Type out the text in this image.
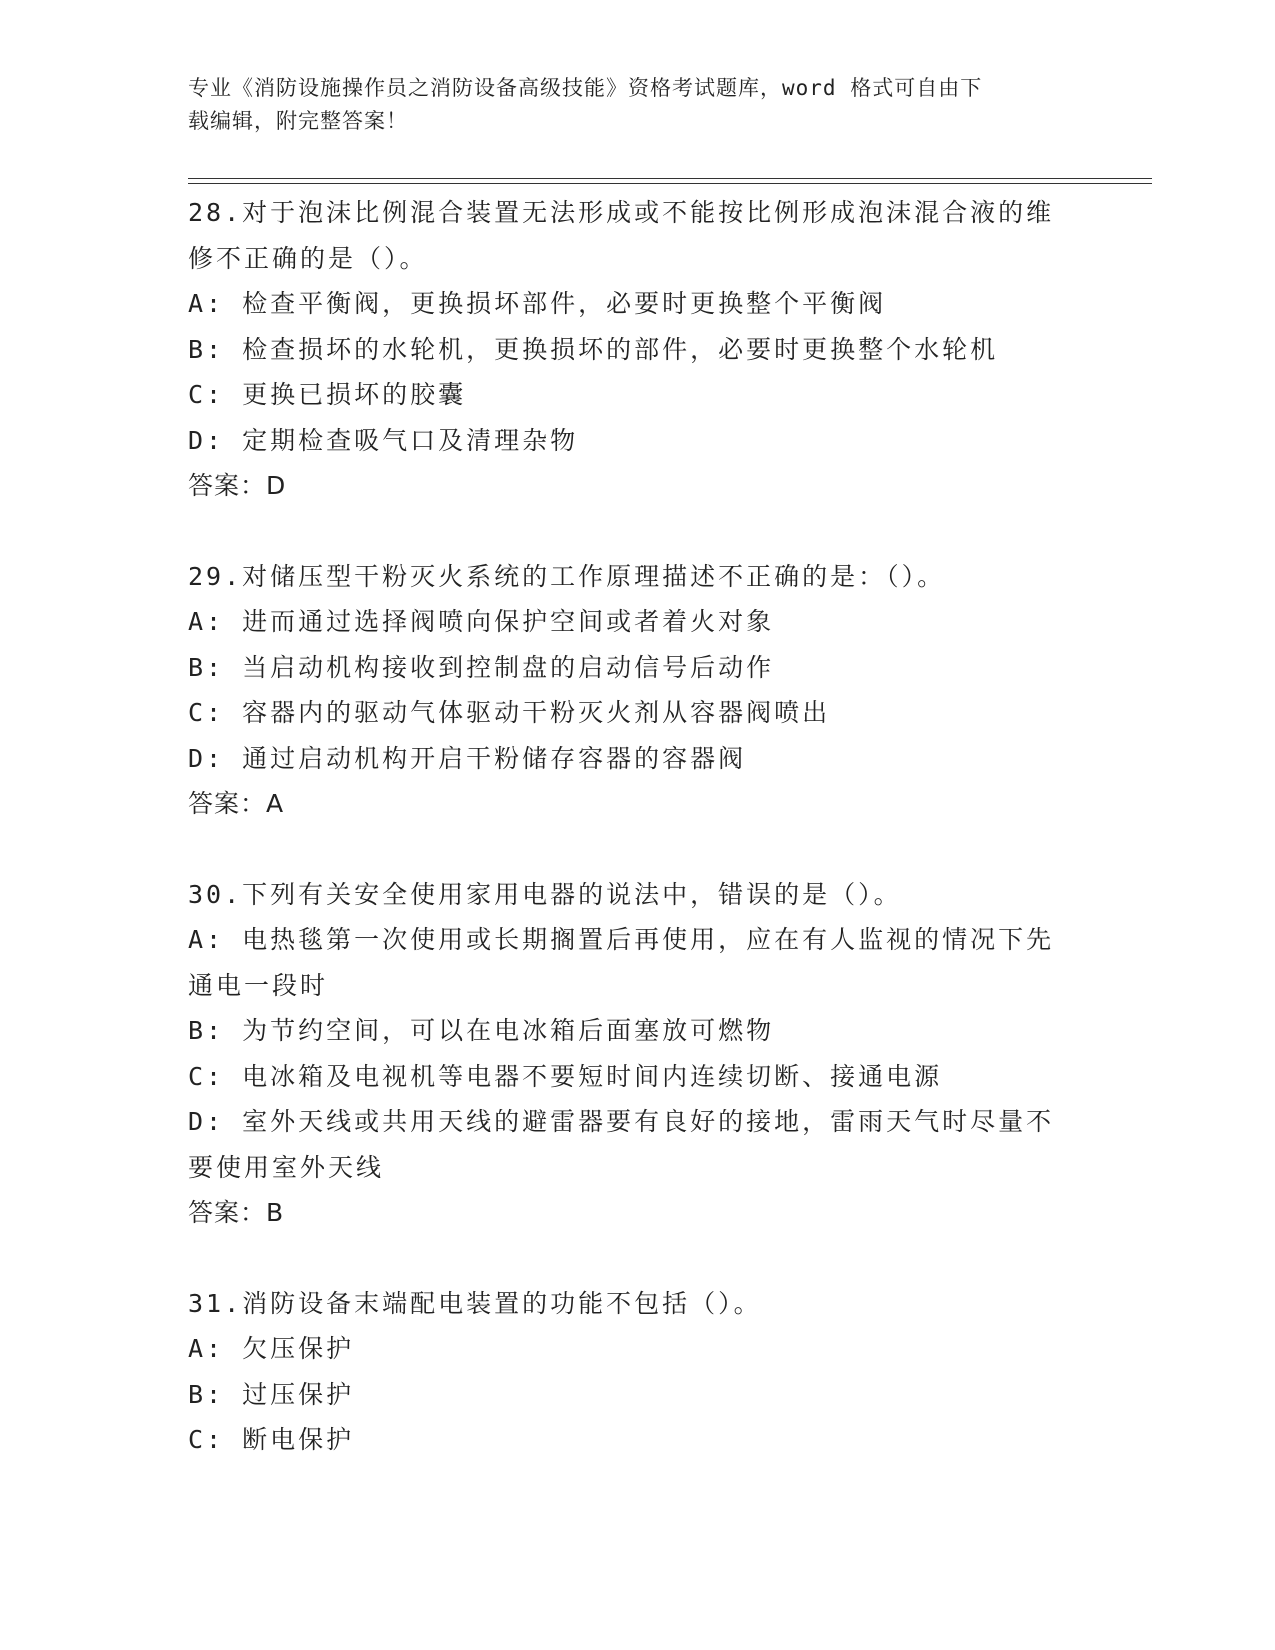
专业《消防设施操作员之消防设备高级技能》资格考试题库，word 格式可自由下
载编辑，附完整答案！
28.对于泡沫比例混合装置无法形成或不能按比例形成泡沫混合液的维
修不正确的是（）。
A: 检查平衡阀，更换损坏部件，必要时更换整个平衡阀
B: 检查损坏的水轮机，更换损坏的部件，必要时更换整个水轮机
C: 更换已损坏的胶囊
D: 定期检查吸气口及清理杂物
答案：D
29.对储压型干粉灭火系统的工作原理描述不正确的是：（）。
A: 进而通过选择阀喷向保护空间或者着火对象
B: 当启动机构接收到控制盘的启动信号后动作
C: 容器内的驱动气体驱动干粉灭火剂从容器阀喷出
D: 通过启动机构开启干粉储存容器的容器阀
答案：A
30.下列有关安全使用家用电器的说法中，错误的是（）。
A: 电热毯第一次使用或长期搁置后再使用，应在有人监视的情况下先
通电一段时
B: 为节约空间，可以在电冰箱后面塞放可燃物
C: 电冰箱及电视机等电器不要短时间内连续切断、接通电源
D: 室外天线或共用天线的避雷器要有良好的接地，雷雨天气时尽量不
要使用室外天线
答案：B
31.消防设备末端配电装置的功能不包括（）。
A: 欠压保护
B: 过压保护
C: 断电保护
